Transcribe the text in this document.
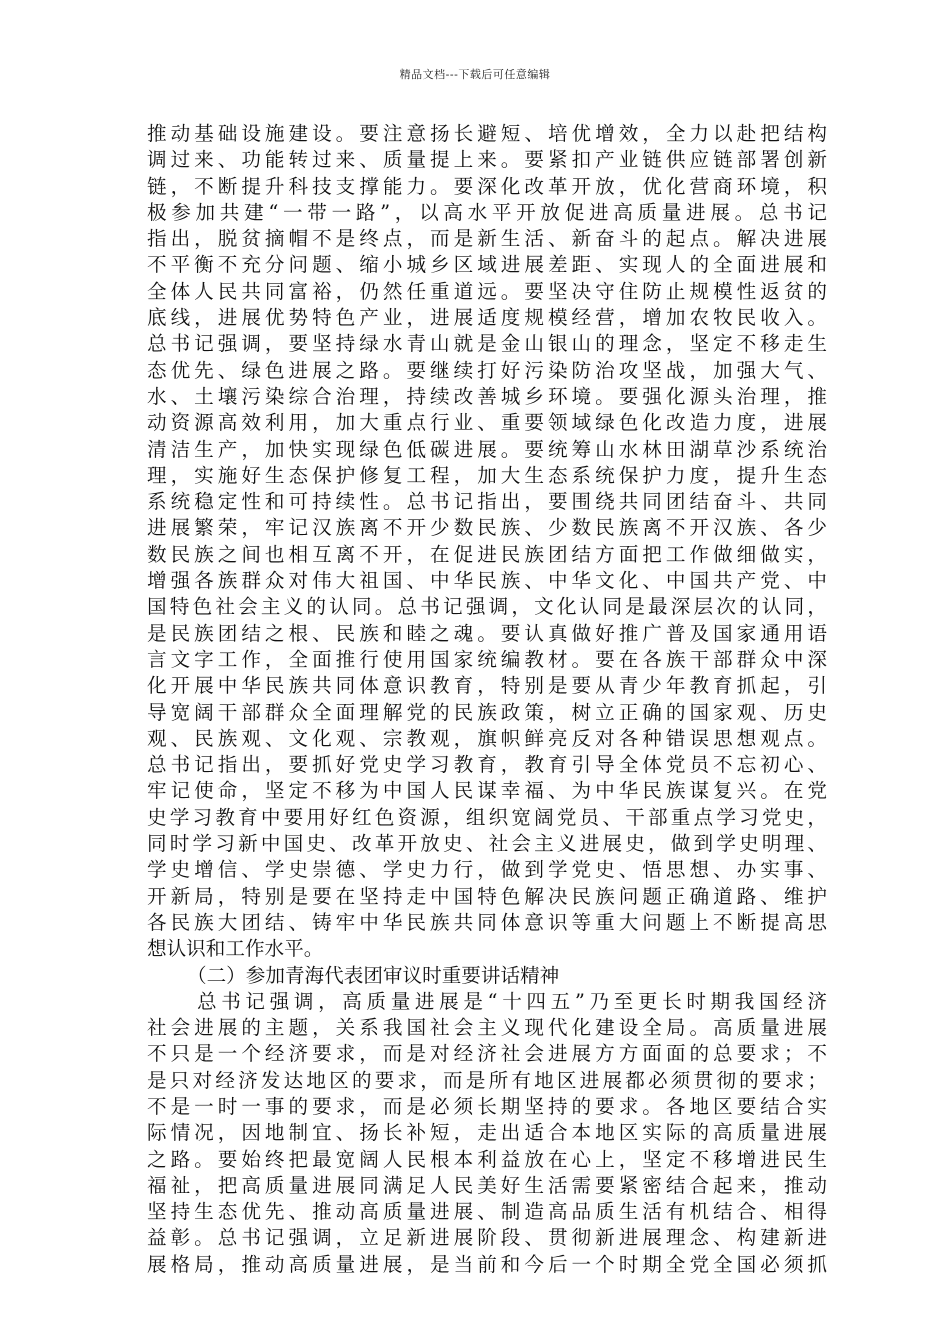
精品文档---下载后可任意编辑
推动基础设施建设。要注意扬长避短、培优增效，全力以赴把结构
调过来、功能转过来、质量提上来。要紧扣产业链供应链部署创新
链，不断提升科技支撑能力。要深化改革开放，优化营商环境，积
极参加共建“一带一路”，以高水平开放促进高质量进展。总书记
指出，脱贫摘帽不是终点，而是新生活、新奋斗的起点。解决进展
不平衡不充分问题、缩小城乡区域进展差距、实现人的全面进展和
全体人民共同富裕，仍然任重道远。要坚决守住防止规模性返贫的
底线，进展优势特色产业，进展适度规模经营，增加农牧民收入。
总书记强调，要坚持绿水青山就是金山银山的理念，坚定不移走生
态优先、绿色进展之路。要继续打好污染防治攻坚战，加强大气、
水、土壤污染综合治理，持续改善城乡环境。要强化源头治理，推
动资源高效利用，加大重点行业、重要领域绿色化改造力度，进展
清洁生产，加快实现绿色低碳进展。要统筹山水林田湖草沙系统治
理，实施好生态保护修复工程，加大生态系统保护力度，提升生态
系统稳定性和可持续性。总书记指出，要围绕共同团结奋斗、共同
进展繁荣，牢记汉族离不开少数民族、少数民族离不开汉族、各少
数民族之间也相互离不开，在促进民族团结方面把工作做细做实，
增强各族群众对伟大祖国、中华民族、中华文化、中国共产党、中
国特色社会主义的认同。总书记强调，文化认同是最深层次的认同，
是民族团结之根、民族和睦之魂。要认真做好推广普及国家通用语
言文字工作，全面推行使用国家统编教材。要在各族干部群众中深
化开展中华民族共同体意识教育，特别是要从青少年教育抓起，引
导宽阔干部群众全面理解党的民族政策，树立正确的国家观、历史
观、民族观、文化观、宗教观，旗帜鲜亮反对各种错误思想观点。
总书记指出，要抓好党史学习教育，教育引导全体党员不忘初心、
牢记使命，坚定不移为中国人民谋幸福、为中华民族谋复兴。在党
史学习教育中要用好红色资源，组织宽阔党员、干部重点学习党史，
同时学习新中国史、改革开放史、社会主义进展史，做到学史明理、
学史增信、学史崇德、学史力行，做到学党史、悟思想、办实事、
开新局，特别是要在坚持走中国特色解决民族问题正确道路、维护
各民族大团结、铸牢中华民族共同体意识等重大问题上不断提高思
想认识和工作水平。
（二）参加青海代表团审议时重要讲话精神
总书记强调，高质量进展是“十四五”乃至更长时期我国经济
社会进展的主题，关系我国社会主义现代化建设全局。高质量进展
不只是一个经济要求，而是对经济社会进展方方面面的总要求；不
是只对经济发达地区的要求，而是所有地区进展都必须贯彻的要求；
不是一时一事的要求，而是必须长期坚持的要求。各地区要结合实
际情况，因地制宜、扬长补短，走出适合本地区实际的高质量进展
之路。要始终把最宽阔人民根本利益放在心上，坚定不移增进民生
福祉，把高质量进展同满足人民美好生活需要紧密结合起来，推动
坚持生态优先、推动高质量进展、制造高品质生活有机结合、相得
益彰。总书记强调，立足新进展阶段、贯彻新进展理念、构建新进
展格局，推动高质量进展，是当前和今后一个时期全党全国必须抓
